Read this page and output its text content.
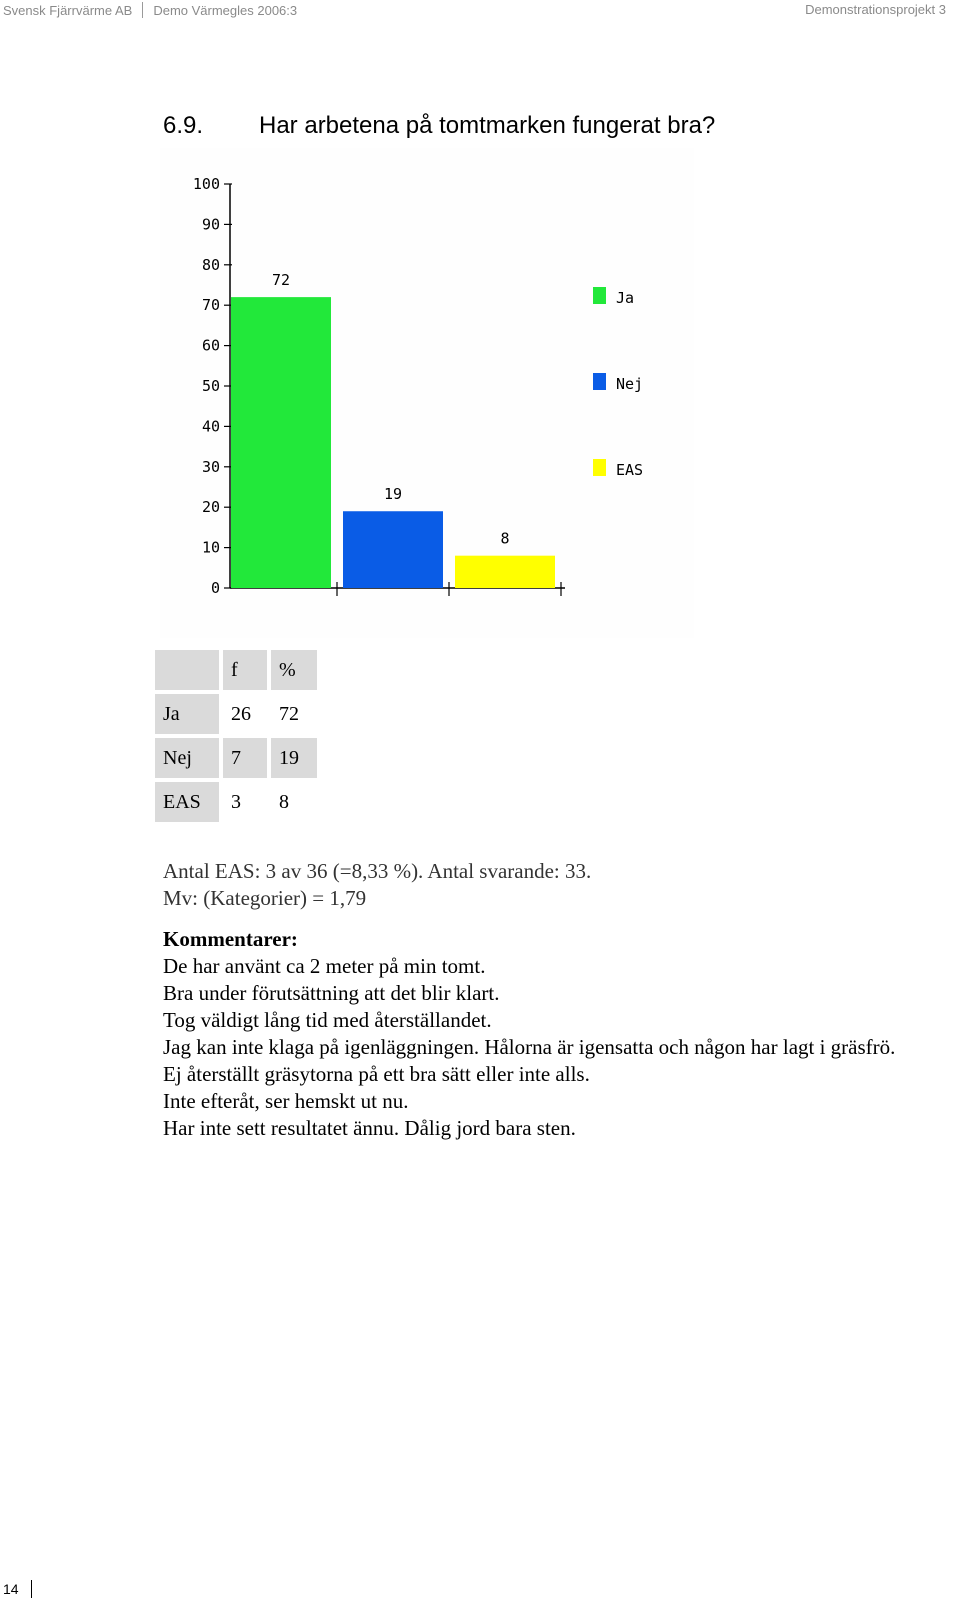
Svensk Fjärrvärme AB Demo Värmegles 2006:3	Demonstrationsprojekt 3
6.9. Har arbetena på tomtmarken fungerat bra?
0
10
20
30
40
50
60
70
80
90
100
72
19
8
Ja
Nej
EAS
	f	%
Ja	26	72
Nej	7	19
EAS	3	8
Antal EAS: 3 av 36 (=8,33 %). Antal svarande: 33.
Mv: (Kategorier) = 1,79

Kommentarer:

De har använt ca 2 meter på min tomt.

Bra under förutsättning att det blir klart.

Tog väldigt lång tid med återställandet.

Jag kan inte klaga på igenläggningen. Hålorna är igensatta och någon har lagt i gräsfrö.

Ej återställt gräsytorna på ett bra sätt eller inte alls.

Inte efteråt, ser hemskt ut nu.

Har inte sett resultatet ännu. Dålig jord bara sten.

14
